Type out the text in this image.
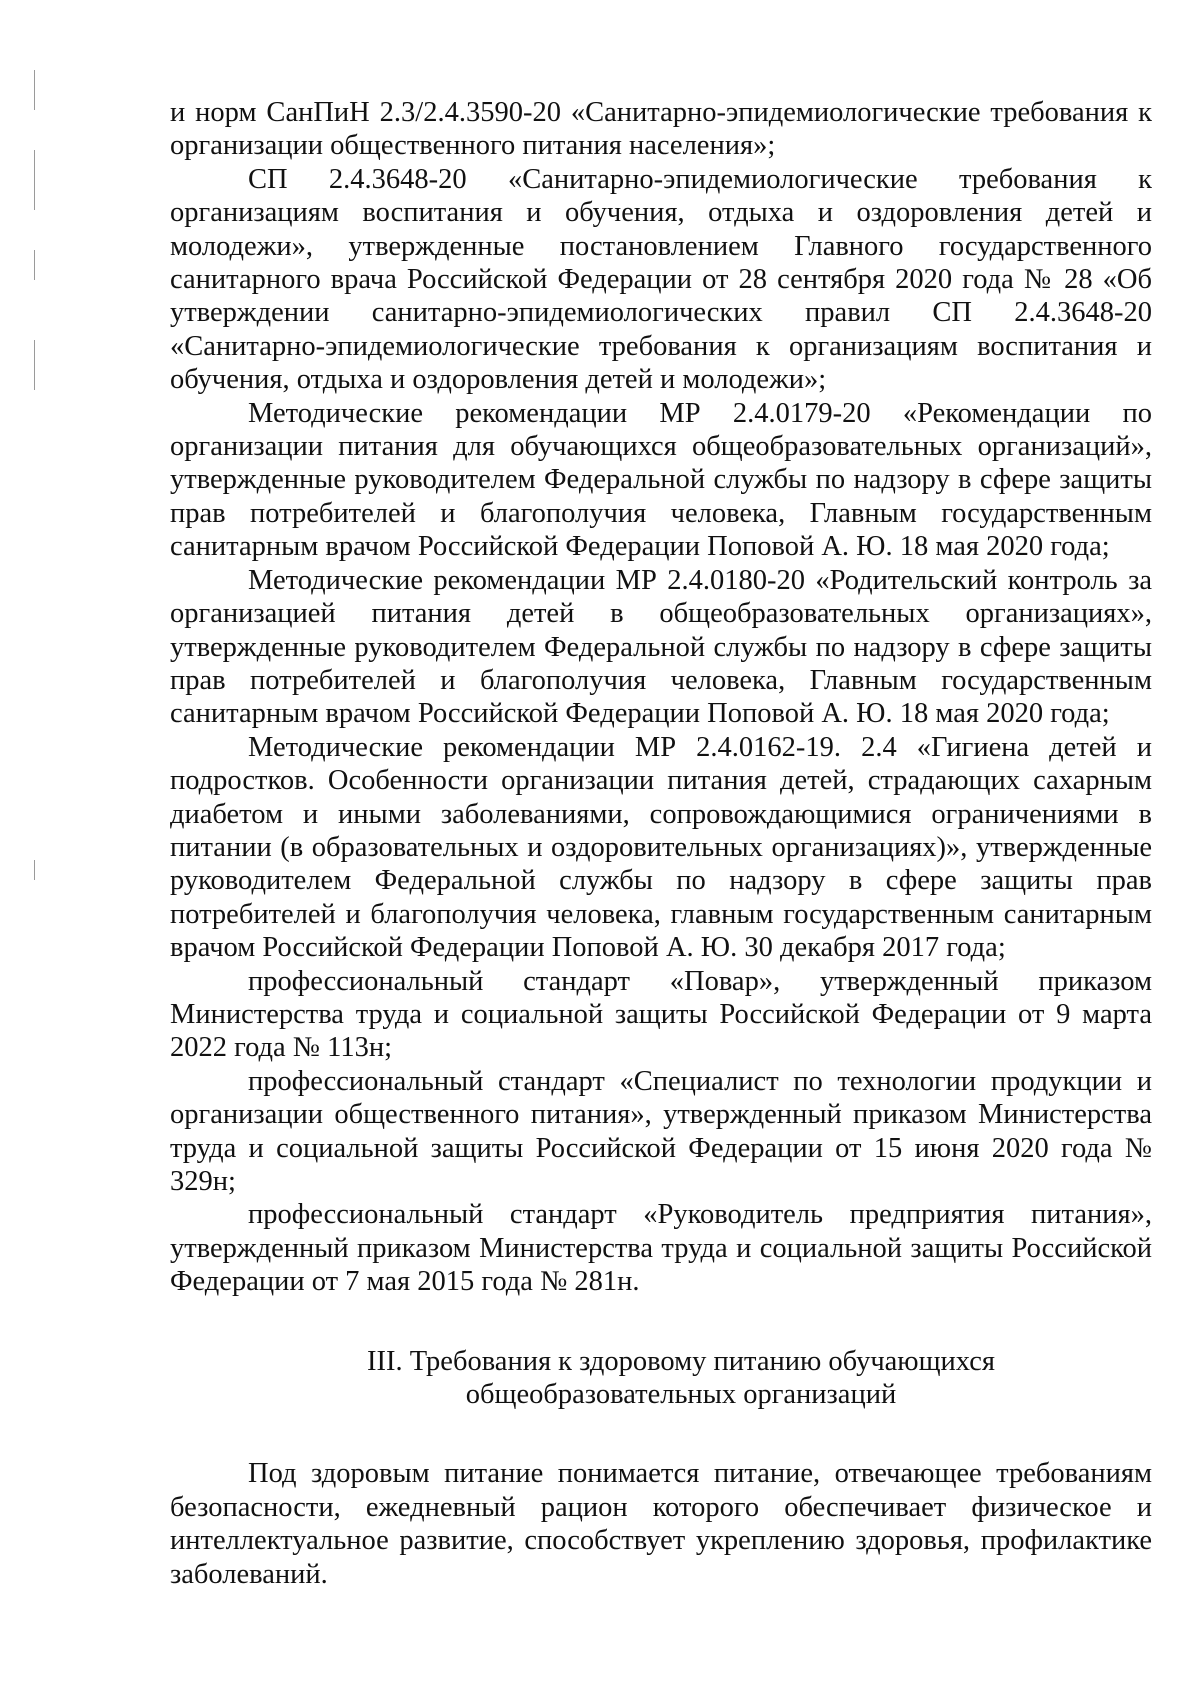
и норм СанПиН 2.3/2.4.3590-20 «Санитарно-эпидемиологические требования к организации общественного питания населения»;

СП 2.4.3648-20 «Санитарно-эпидемиологические требования к организациям воспитания и обучения, отдыха и оздоровления детей и молодежи», утвержденные постановлением Главного государственного санитарного врача Российской Федерации от 28 сентября 2020 года № 28 «Об утверждении санитарно-эпидемиологических правил СП 2.4.3648-20 «Санитарно-эпидемиологические требования к организациям воспитания и обучения, отдыха и оздоровления детей и молодежи»;

Методические рекомендации МР 2.4.0179-20 «Рекомендации по организации питания для обучающихся общеобразовательных организаций», утвержденные руководителем Федеральной службы по надзору в сфере защиты прав потребителей и благополучия человека, Главным государственным санитарным врачом Российской Федерации Поповой А. Ю. 18 мая 2020 года;

Методические рекомендации МР 2.4.0180-20 «Родительский контроль за организацией питания детей в общеобразовательных организациях», утвержденные руководителем Федеральной службы по надзору в сфере защиты прав потребителей и благополучия человека, Главным государственным санитарным врачом Российской Федерации Поповой А. Ю. 18 мая 2020 года;

Методические рекомендации МР 2.4.0162-19. 2.4 «Гигиена детей и подростков. Особенности организации питания детей, страдающих сахарным диабетом и иными заболеваниями, сопровождающимися ограничениями в питании (в образовательных и оздоровительных организациях)», утвержденные руководителем Федеральной службы по надзору в сфере защиты прав потребителей и благополучия человека, главным государственным санитарным врачом Российской Федерации Поповой А. Ю. 30 декабря 2017 года;

профессиональный стандарт «Повар», утвержденный приказом Министерства труда и социальной защиты Российской Федерации от 9 марта 2022 года № 113н;

профессиональный стандарт «Специалист по технологии продукции и организации общественного питания», утвержденный приказом Министерства труда и социальной защиты Российской Федерации от 15 июня 2020 года № 329н;

профессиональный стандарт «Руководитель предприятия питания», утвержденный приказом Министерства труда и социальной защиты Российской Федерации от 7 мая 2015 года № 281н.

III. Требования к здоровому питанию обучающихся
общеобразовательных организаций

Под здоровым питание понимается питание, отвечающее требованиям безопасности, ежедневный рацион которого обеспечивает физическое и интеллектуальное развитие, способствует укреплению здоровья, профилактике заболеваний.
